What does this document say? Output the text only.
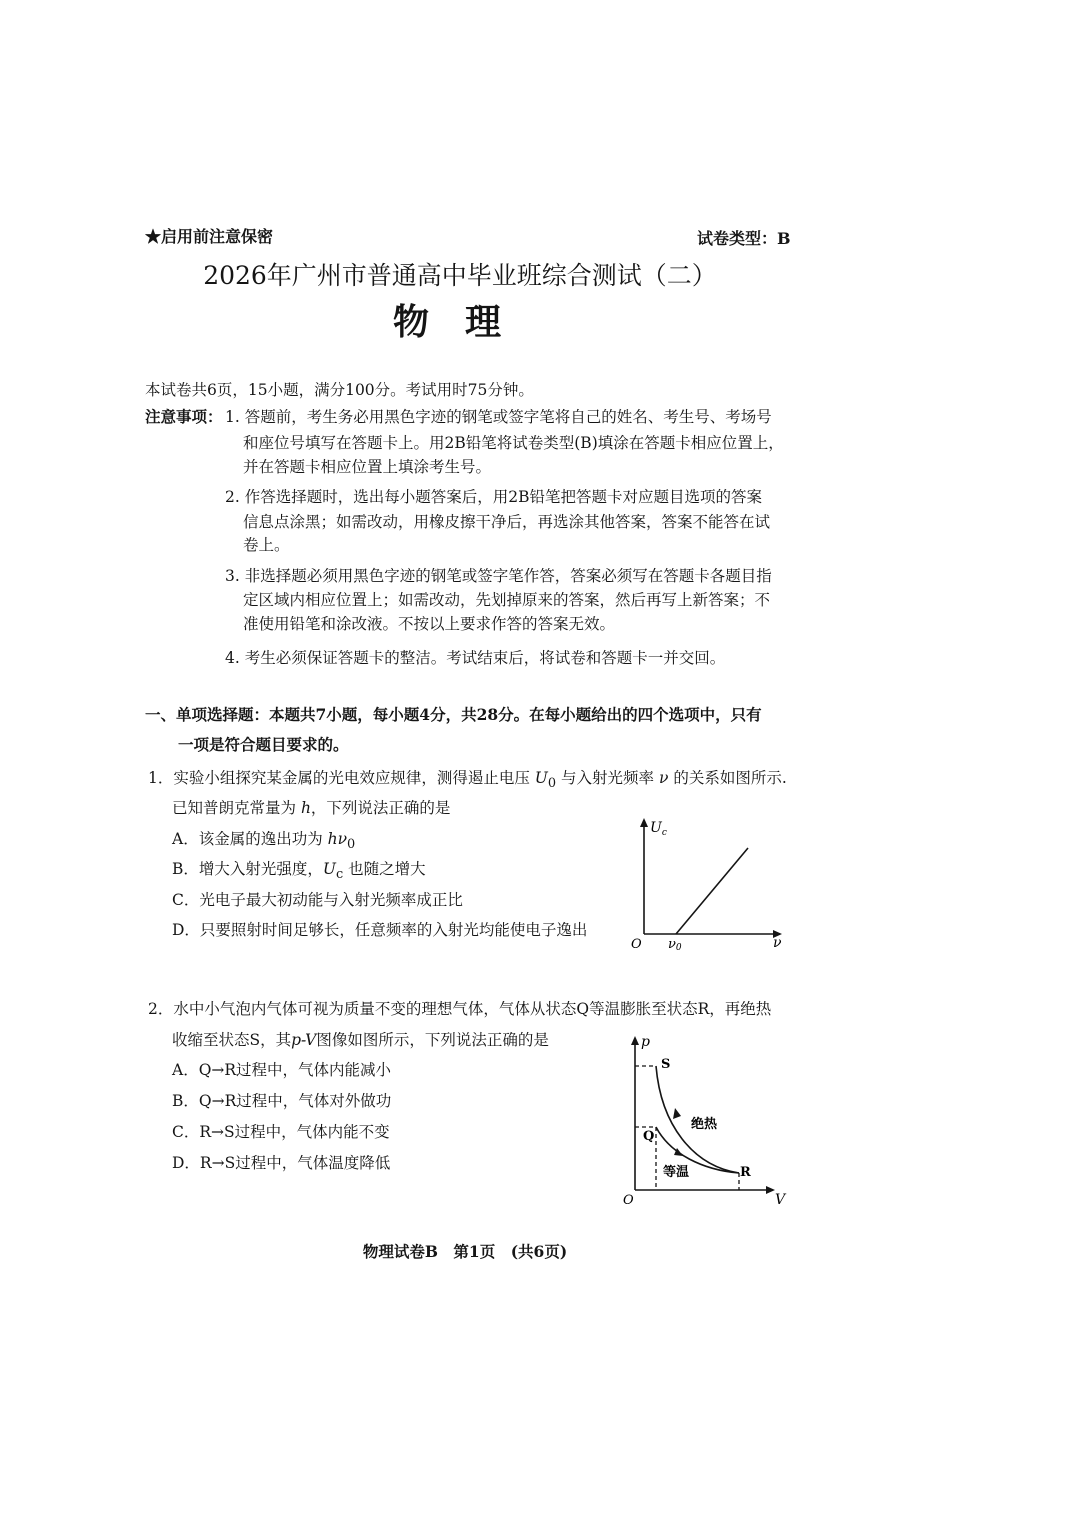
★启用前注意保密	试卷类型：B
2026年广州市普通高中毕业班综合测试（二）
物理
本试卷共6页，15小题，满分100分。考试用时75分钟。
注意事项： 1. 答题前，考生务必用黑色字迹的钢笔或签字笔将自己的姓名、考生号、考场号
和座位号填写在答题卡上。用2B铅笔将试卷类型(B)填涂在答题卡相应位置上，
并在答题卡相应位置上填涂考生号。
2. 作答选择题时，选出每小题答案后，用2B铅笔把答题卡对应题目选项的答案
信息点涂黑；如需改动，用橡皮擦干净后，再选涂其他答案，答案不能答在试
卷上。
3. 非选择题必须用黑色字迹的钢笔或签字笔作答，答案必须写在答题卡各题目指
定区域内相应位置上；如需改动，先划掉原来的答案，然后再写上新答案；不
准使用铅笔和涂改液。不按以上要求作答的答案无效。
4. 考生必须保证答题卡的整洁。考试结束后，将试卷和答题卡一并交回。
一、单项选择题：本题共7小题，每小题4分，共28分。在每小题给出的四个选项中，只有
一项是符合题目要求的。
1．实验小组探究某金属的光电效应规律，测得遏止电压 $U_0$ 与入射光频率 ν 的关系如图所示.
已知普朗克常量为 h，下列说法正确的是
A．该金属的逸出功为 $h\nu_0$
B．增大入射光强度，$U_c$ 也随之增大
C．光电子最大初动能与入射光频率成正比
D．只要照射时间足够长，任意频率的入射光均能使电子逸出
$U_c$
ν
O ν0
2．水中小气泡内气体可视为质量不变的理想气体，气体从状态Q等温膨胀至状态R，再绝热
收缩至状态S，其p-V图像如图所示，下列说法正确的是
A．Q→R过程中，气体内能减小
B．Q→R过程中，气体对外做功
C．R→S过程中，气体内能不变
D．R→S过程中，气体温度降低
p
V
O
S
Q
R
绝热
等温
物理试卷B　第1页　(共6页)
